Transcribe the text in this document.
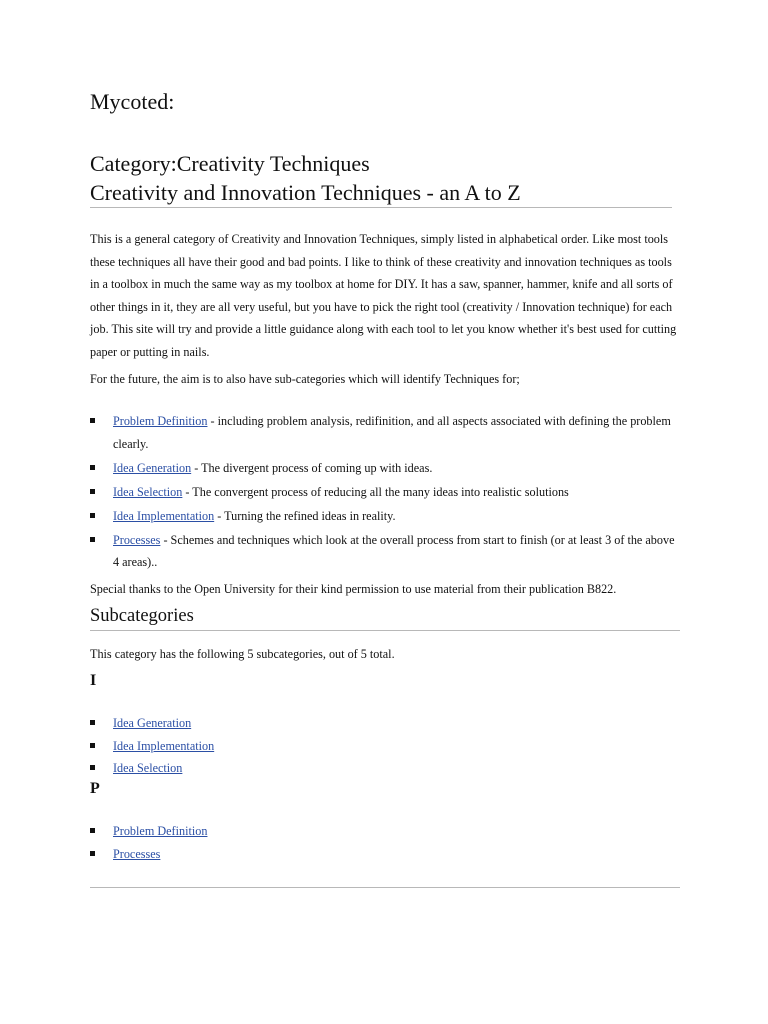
Mycoted:
Category:Creativity Techniques
Creativity and Innovation Techniques - an A to Z

This is a general category of Creativity and Innovation Techniques, simply listed in alphabetical order. Like most tools these techniques all have their good and bad points. I like to think of these creativity and innovation techniques as tools in a toolbox in much the same way as my toolbox at home for DIY. It has a saw, spanner, hammer, knife and all sorts of other things in it, they are all very useful, but you have to pick the right tool (creativity / Innovation technique) for each job. This site will try and provide a little guidance along with each tool to let you know whether it's best used for cutting paper or putting in nails.

For the future, the aim is to also have sub-categories which will identify Techniques for;

Problem Definition - including problem analysis, redifinition, and all aspects associated with defining the problem clearly.
Idea Generation - The divergent process of coming up with ideas.
Idea Selection - The convergent process of reducing all the many ideas into realistic solutions
Idea Implementation - Turning the refined ideas in reality.
Processes - Schemes and techniques which look at the overall process from start to finish (or at least 3 of the above 4 areas)..

Special thanks to the Open University for their kind permission to use material from their publication B822.

Subcategories

This category has the following 5 subcategories, out of 5 total.

I
Idea Generation
Idea Implementation
Idea Selection
P
Problem Definition
Processes
